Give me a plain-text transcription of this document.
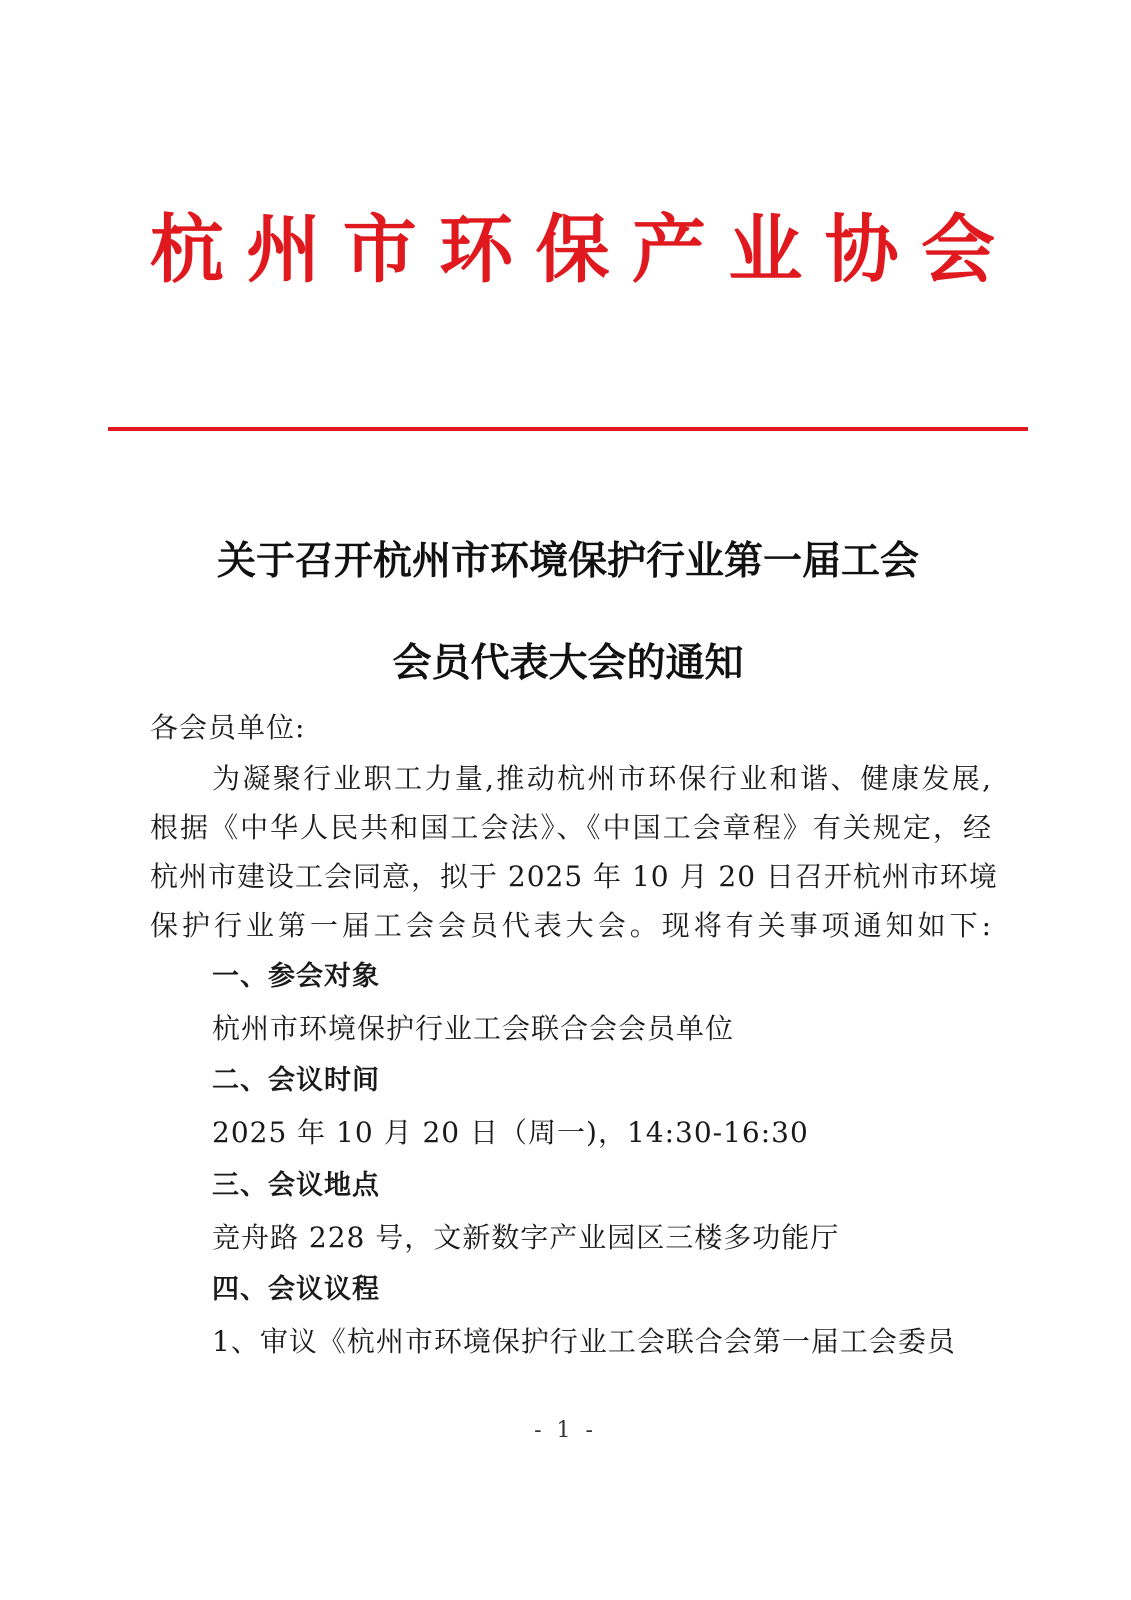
杭 州 市 环 保 产 业 协 会
关于召开杭州市环境保护行业第一届工会
会员代表大会的通知
各会员单位:
为凝聚行业职工力量,推动杭州市环保行业和谐、健康发展,
根据《中华人民共和国工会法》、《中国工会章程》有关规定，经
杭州市建设工会同意，拟于 2025 年 10 月 20 日召开杭州市环境
保护行业第一届工会会员代表大会。现将有关事项通知如下:
一、参会对象
杭州市环境保护行业工会联合会会员单位
二、会议时间
2025 年 10 月 20 日（周一)，14:30-16:30
三、会议地点
竞舟路 228 号，文新数字产业园区三楼多功能厅
四、会议议程
1、审议《杭州市环境保护行业工会联合会第一届工会委员
- 1 -
